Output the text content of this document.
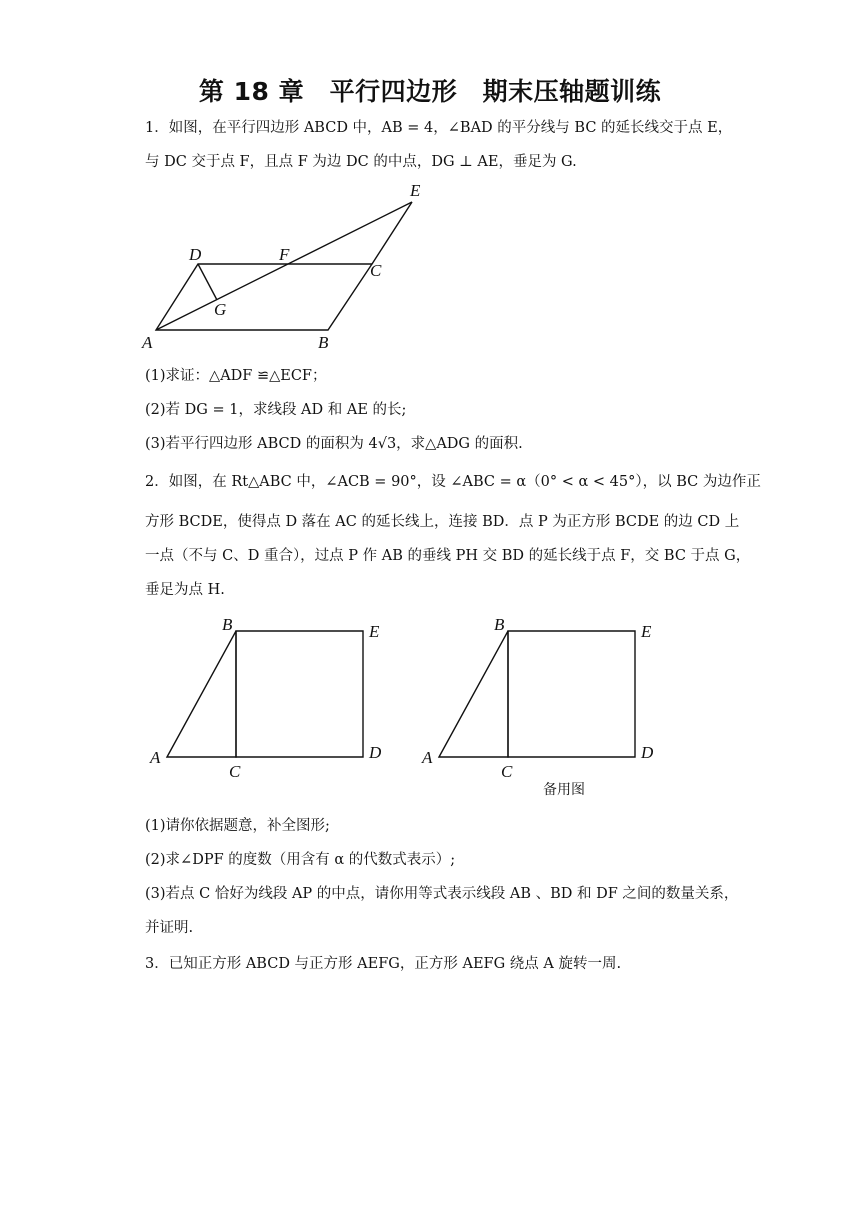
第 18 章　平行四边形　期末压轴题训练
1．如图，在平行四边形 ABCD 中，AB = 4，∠BAD 的平分线与 BC 的延长线交于点 E，
与 DC 交于点 F，且点 F 为边 DC 的中点，DG ⊥ AE，垂足为 G.
A	B
C
D
E
F
G
(1)求证：△ADF ≌△ECF；
(2)若 DG = 1，求线段 AD 和 AE 的长;
(3)若平行四边形 ABCD 的面积为 4√3，求△ADG 的面积.
2．如图，在 Rt△ABC 中，∠ACB = 90°，设 ∠ABC = α（0° < α < 45°），以 BC 为边作正
方形 BCDE，使得点 D 落在 AC 的延长线上，连接 BD．点 P 为正方形 BCDE 的边 CD 上
一点（不与 C、D 重合），过点 P 作 AB 的垂线 PH 交 BD 的延长线于点 F，交 BC 于点 G，
垂足为点 H.
A
B
C
D
E
A
B
C
D
E
备用图
(1)请你依据题意，补全图形;
(2)求∠DPF 的度数（用含有 α 的代数式表示）;
(3)若点 C 恰好为线段 AP 的中点，请你用等式表示线段 AB 、BD 和 DF 之间的数量关系，
并证明.
3．已知正方形 ABCD 与正方形 AEFG，正方形 AEFG 绕点 A 旋转一周.
